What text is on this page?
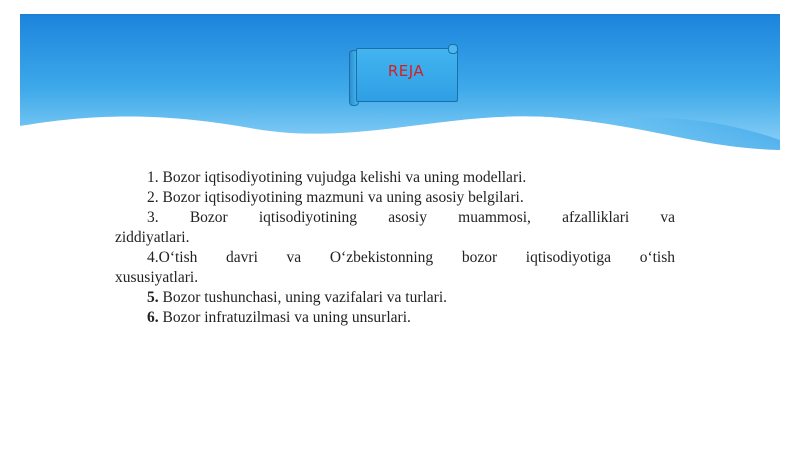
REJA
1. Bozor iqtisodiyotining vujudga kelishi va uning modellari.
2. Bozor iqtisodiyotining mazmuni va uning asosiy belgilari.
3. Bozor iqtisodiyotining asosiy muammosi, afzalliklari va
ziddiyatlari.
4.O‘tish davri va O‘zbekistonning bozor iqtisodiyotiga o‘tish
xususiyatlari.
5. Bozor tushunchasi, uning vazifalari va turlari.
6. Bozor infratuzilmasi va uning unsurlari.
